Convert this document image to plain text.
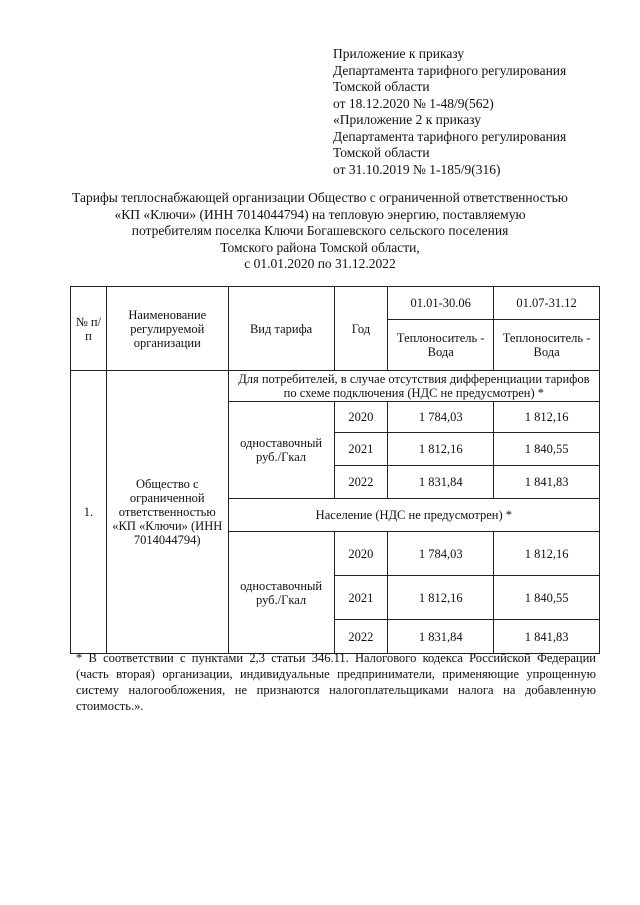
Приложение к приказу
Департамента тарифного регулирования
Томской области
от 18.12.2020 № 1-48/9(562)
«Приложение 2 к приказу
Департамента тарифного регулирования
Томской области
от 31.10.2019 № 1-185/9(316)
Тарифы теплоснабжающей организации Общество с ограниченной ответственностью
«КП «Ключи» (ИНН 7014044794) на тепловую энергию, поставляемую
потребителям поселка Ключи Богашевского сельского поселения
Томского района Томской области,
с 01.01.2020 по 31.12.2022
№ п/п	Наименование регулируемой организации	Вид тарифа	Год	01.01-30.06	01.07-31.12
				Теплоноситель - Вода	Теплоноситель - Вода
1.	Общество с ограниченной ответственностью «КП «Ключи» (ИНН 7014044794)	Для потребителей, в случае отсутствия дифференциации тарифов по схеме подключения (НДС не предусмотрен) *			
		одноставочный руб./Гкал	2020	1 784,03	1 812,16
			2021	1 812,16	1 840,55
			2022	1 831,84	1 841,83
		Население (НДС не предусмотрен) *			
		одноставочный руб./Гкал	2020	1 784,03	1 812,16
			2021	1 812,16	1 840,55
			2022	1 831,84	1 841,83
* В соответствии с пунктами 2,3 статьи 346.11. Налогового кодекса Российской Федерации (часть вторая) организации, индивидуальные предприниматели, применяющие упрощенную систему налогообложения, не признаются налогоплательщиками налога на добавленную стоимость.».
